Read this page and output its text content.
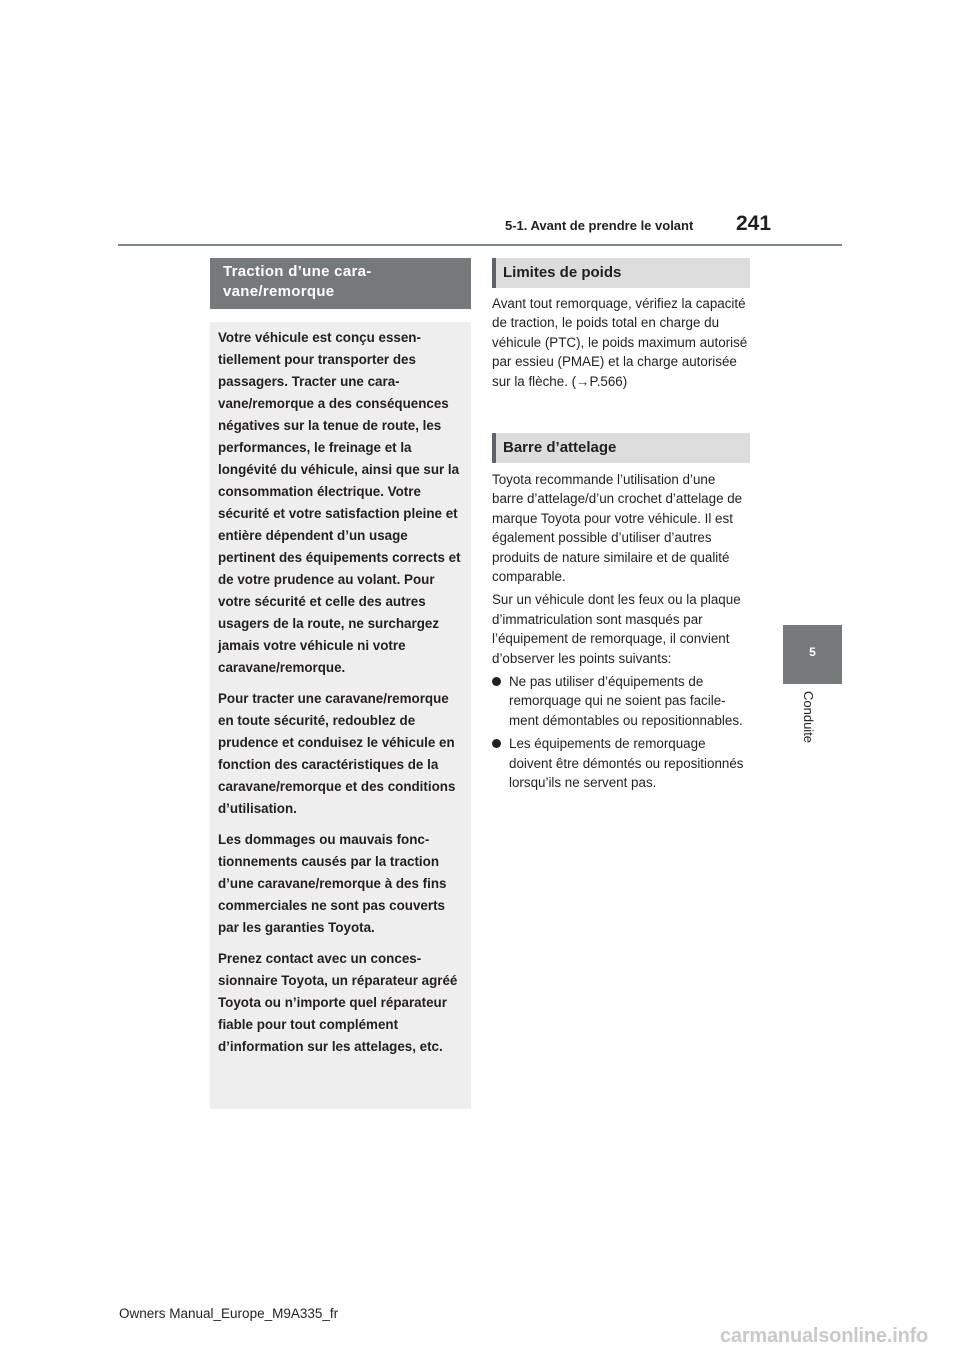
5-1. Avant de prendre le volant 241
Traction d’une cara-
vane/remorque

Votre véhicule est conçu essentiellement pour transporter des passagers. Tracter une caravane/remorque a des conséquences négatives sur la tenue de route, les performances, le freinage et la longévité du véhicule, ainsi que sur la consommation électrique. Votre sécurité et votre satisfaction pleine et entière dépendent d’un usage pertinent des équipements corrects et de votre prudence au volant. Pour votre sécurité et celle des autres usagers de la route, ne surchargez jamais votre véhicule ni votre caravane/remorque.

Pour tracter une caravane/remorque en toute sécurité, redoublez de prudence et conduisez le véhicule en fonction des caractéristiques de la caravane/remorque et des conditions d’utilisation.

Les dommages ou mauvais fonctionnements causés par la traction d’une caravane/remorque à des fins commerciales ne sont pas couverts par les garanties Toyota.

Prenez contact avec un concessionnaire Toyota, un réparateur agréé Toyota ou n’importe quel réparateur fiable pour tout complément d’information sur les attelages, etc.

Limites de poids

Avant tout remorquage, vérifiez la capacité de traction, le poids total en charge du véhicule (PTC), le poids maximum autorisé par essieu (PMAE) et la charge autorisée sur la flèche. (→P.566)

Barre d’attelage

Toyota recommande l’utilisation d’une barre d’attelage/d’un crochet d’attelage de marque Toyota pour votre véhicule. Il est également possible d’utiliser d’autres produits de nature similaire et de qualité comparable.

Sur un véhicule dont les feux ou la plaque d’immatriculation sont masqués par l’équipement de remorquage, il convient d’observer les points suivants:

Ne pas utiliser d’équipements de remorquage qui ne soient pas facilement démontables ou repositionnables.
Les équipements de remorquage doivent être démontés ou repositionnés lorsqu’ils ne servent pas.
5
Conduite
Owners Manual_Europe_M9A335_fr
carmanualsonline.info
